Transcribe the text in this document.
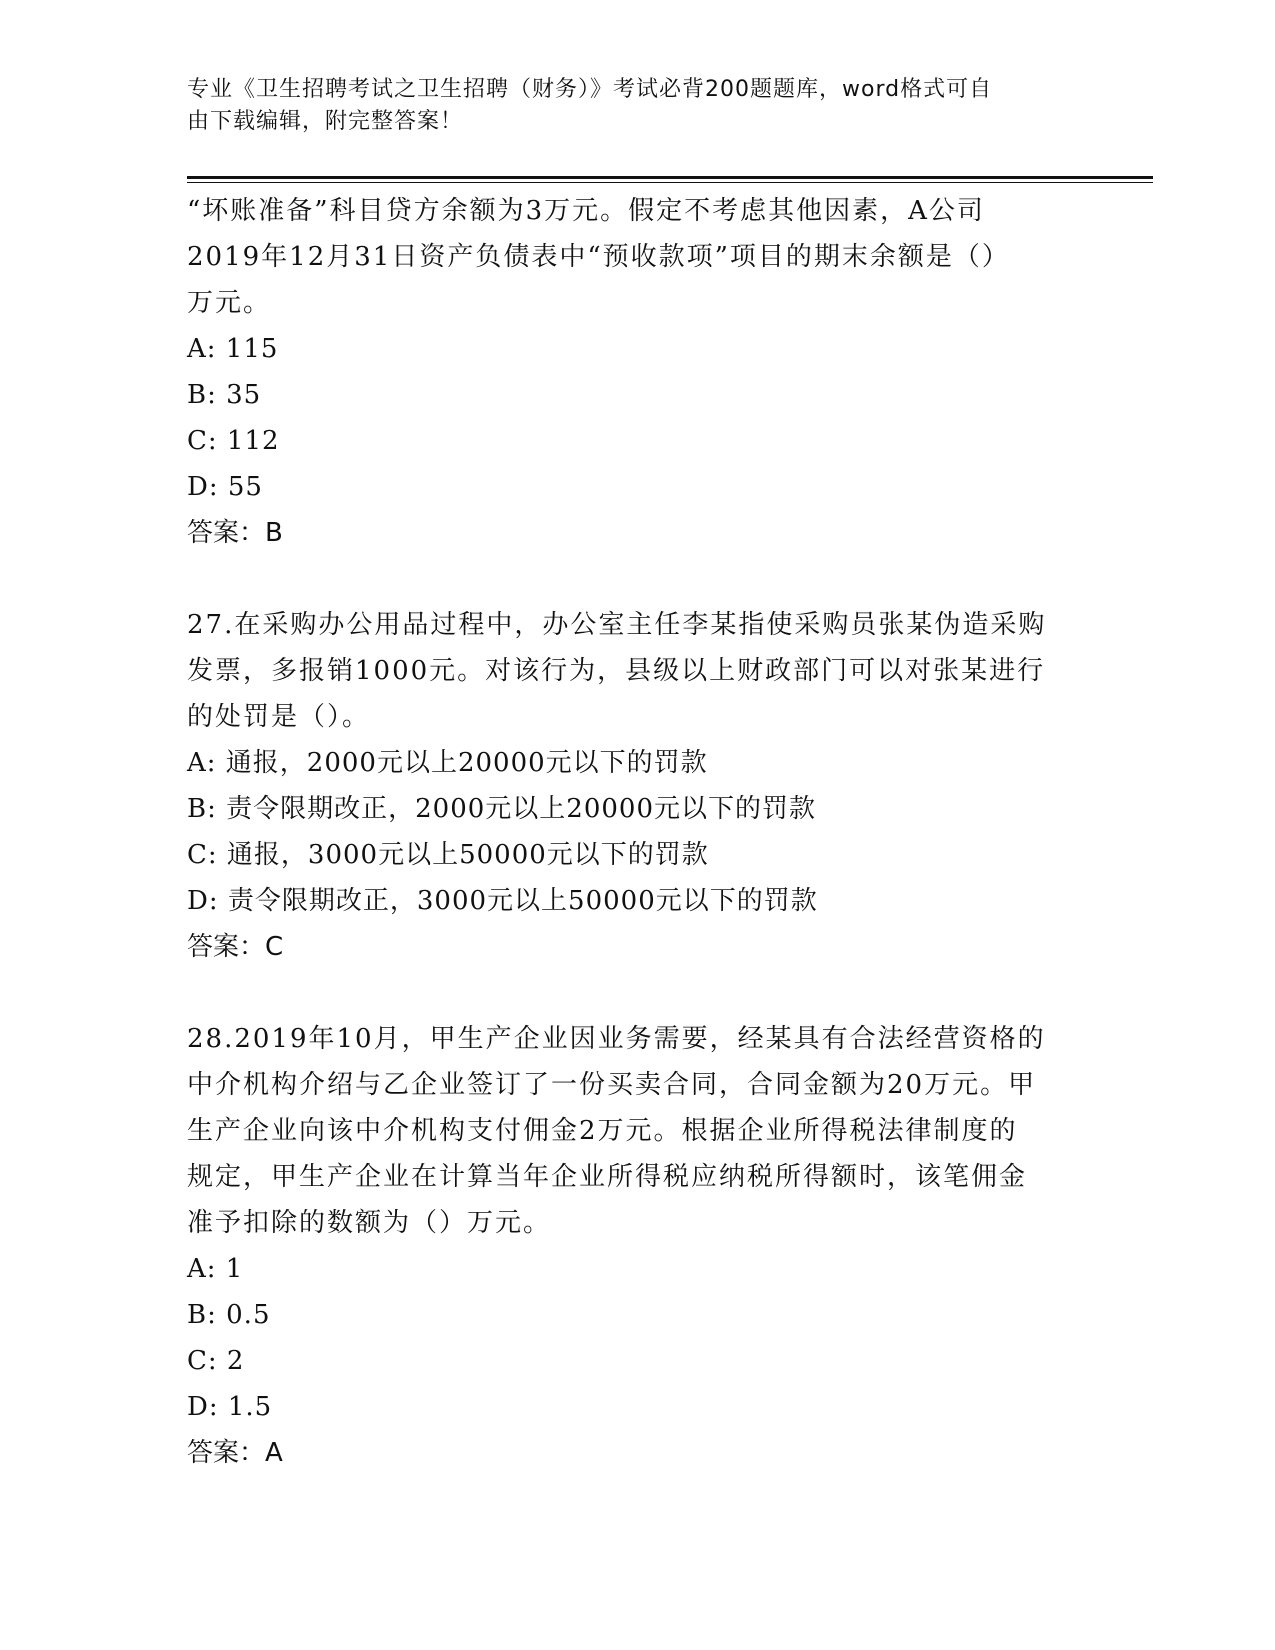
专业《卫生招聘考试之卫生招聘（财务）》考试必背200题题库，word格式可自
由下载编辑，附完整答案！

“坏账准备”科目贷方余额为3万元。假定不考虑其他因素，A公司

2019年12月31日资产负债表中“预收款项”项目的期末余额是（）

万元。

A: 115

B: 35

C: 112

D: 55

答案：B

27.在采购办公用品过程中，办公室主任李某指使采购员张某伪造采购

发票，多报销1000元。对该行为，县级以上财政部门可以对张某进行

的处罚是（）。

A: 通报，2000元以上20000元以下的罚款

B: 责令限期改正，2000元以上20000元以下的罚款

C: 通报，3000元以上50000元以下的罚款

D: 责令限期改正，3000元以上50000元以下的罚款

答案：C

28.2019年10月，甲生产企业因业务需要，经某具有合法经营资格的

中介机构介绍与乙企业签订了一份买卖合同，合同金额为20万元。甲

生产企业向该中介机构支付佣金2万元。根据企业所得税法律制度的

规定，甲生产企业在计算当年企业所得税应纳税所得额时，该笔佣金

准予扣除的数额为（）万元。

A: 1

B: 0.5

C: 2

D: 1.5

答案：A
